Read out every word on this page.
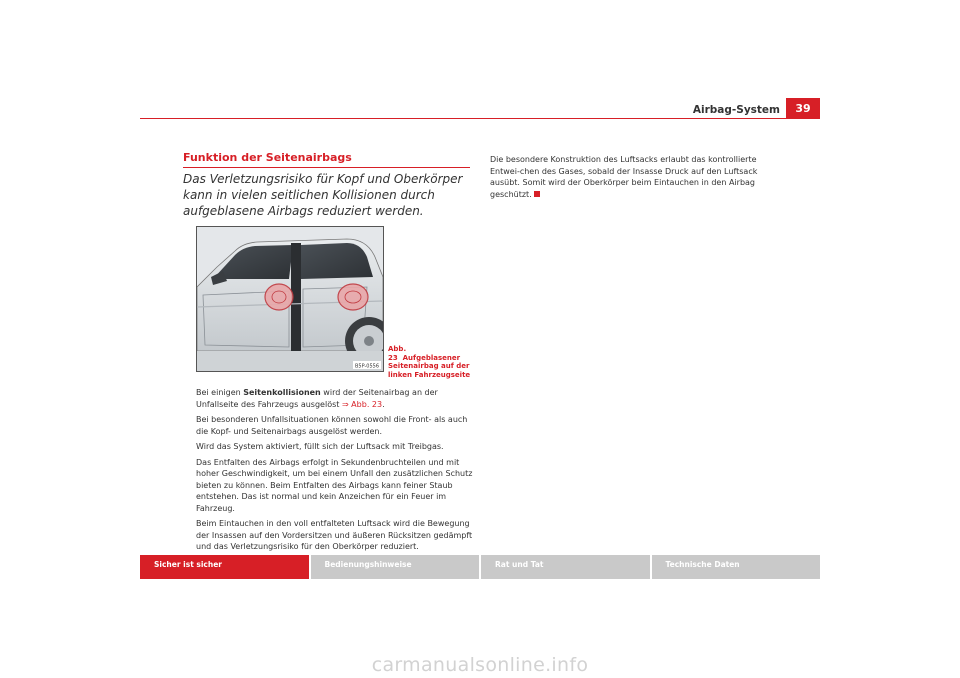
Airbag-System	39
Funktion der Seitenairbags
Das Verletzungsrisiko für Kopf und Oberkörper kann in vielen seitlichen Kollisionen durch aufgeblasene Airbags reduziert werden.
B5P-0556
Abb. 23 Aufgeblasener Seitenairbag auf der linken Fahrzeugseite

Bei einigen Seitenkollisionen wird der Seitenairbag an der Unfallseite des Fahrzeugs ausgelöst ⇒ Abb. 23.

Bei besonderen Unfallsituationen können sowohl die Front- als auch die Kopf- und Seitenairbags ausgelöst werden.

Wird das System aktiviert, füllt sich der Luftsack mit Treibgas.

Das Entfalten des Airbags erfolgt in Sekundenbruchteilen und mit hoher Geschwindigkeit, um bei einem Unfall den zusätzlichen Schutz bieten zu können. Beim Entfalten des Airbags kann feiner Staub entstehen. Das ist normal und kein Anzeichen für ein Feuer im Fahrzeug.

Beim Eintauchen in den voll entfalteten Luftsack wird die Bewegung der Insassen auf den Vordersitzen und äußeren Rücksitzen gedämpft und das Verletzungsrisiko für den Oberkörper reduziert.

Die besondere Konstruktion des Luftsacks erlaubt das kontrollierte Entwei-chen des Gases, sobald der Insasse Druck auf den Luftsack ausübt. Somit wird der Oberkörper beim Eintauchen in den Airbag geschützt.

Sicher ist sicher	Bedienungshinweise	Rat und Tat	Technische Daten
carmanualsonline.info
